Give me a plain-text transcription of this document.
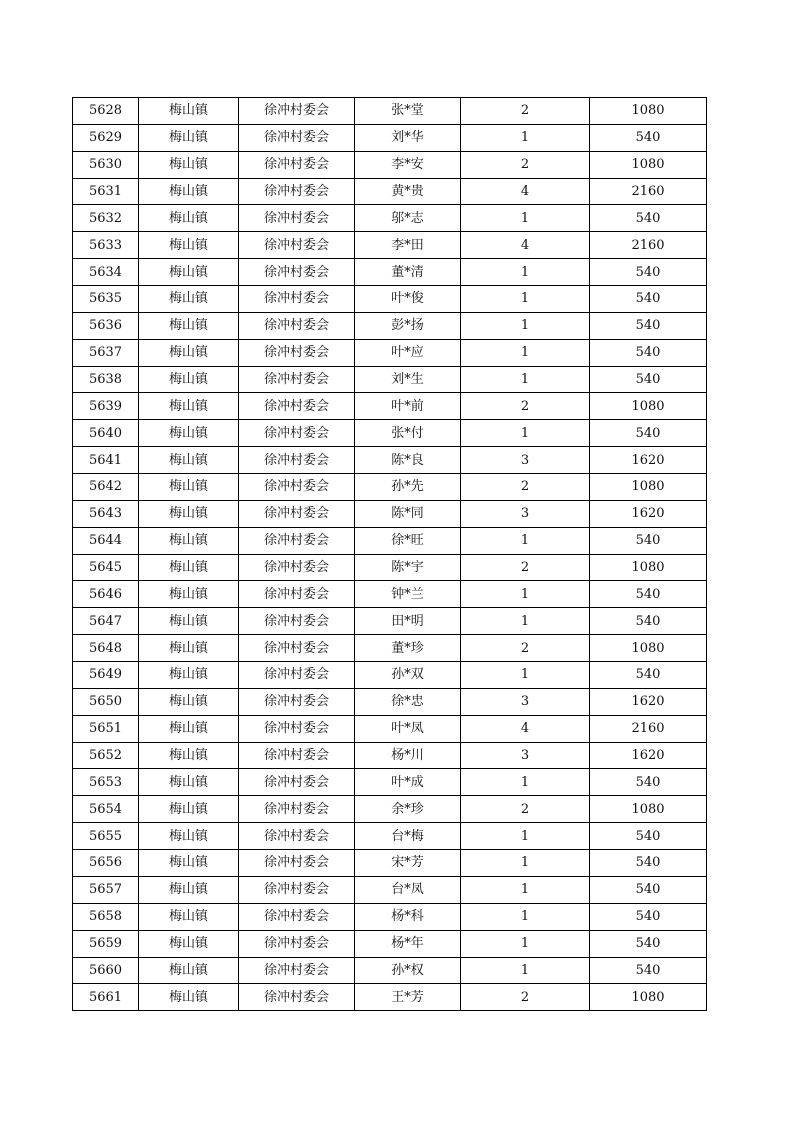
5628	梅山镇	徐冲村委会	张*堂	2	1080
5629	梅山镇	徐冲村委会	刘*华	1	540
5630	梅山镇	徐冲村委会	李*安	2	1080
5631	梅山镇	徐冲村委会	黄*贵	4	2160
5632	梅山镇	徐冲村委会	邬*志	1	540
5633	梅山镇	徐冲村委会	李*田	4	2160
5634	梅山镇	徐冲村委会	董*清	1	540
5635	梅山镇	徐冲村委会	叶*俊	1	540
5636	梅山镇	徐冲村委会	彭*扬	1	540
5637	梅山镇	徐冲村委会	叶*应	1	540
5638	梅山镇	徐冲村委会	刘*生	1	540
5639	梅山镇	徐冲村委会	叶*前	2	1080
5640	梅山镇	徐冲村委会	张*付	1	540
5641	梅山镇	徐冲村委会	陈*良	3	1620
5642	梅山镇	徐冲村委会	孙*先	2	1080
5643	梅山镇	徐冲村委会	陈*同	3	1620
5644	梅山镇	徐冲村委会	徐*旺	1	540
5645	梅山镇	徐冲村委会	陈*宇	2	1080
5646	梅山镇	徐冲村委会	钟*兰	1	540
5647	梅山镇	徐冲村委会	田*明	1	540
5648	梅山镇	徐冲村委会	董*珍	2	1080
5649	梅山镇	徐冲村委会	孙*双	1	540
5650	梅山镇	徐冲村委会	徐*忠	3	1620
5651	梅山镇	徐冲村委会	叶*凤	4	2160
5652	梅山镇	徐冲村委会	杨*川	3	1620
5653	梅山镇	徐冲村委会	叶*成	1	540
5654	梅山镇	徐冲村委会	余*珍	2	1080
5655	梅山镇	徐冲村委会	台*梅	1	540
5656	梅山镇	徐冲村委会	宋*芳	1	540
5657	梅山镇	徐冲村委会	台*凤	1	540
5658	梅山镇	徐冲村委会	杨*科	1	540
5659	梅山镇	徐冲村委会	杨*年	1	540
5660	梅山镇	徐冲村委会	孙*权	1	540
5661	梅山镇	徐冲村委会	王*芳	2	1080
